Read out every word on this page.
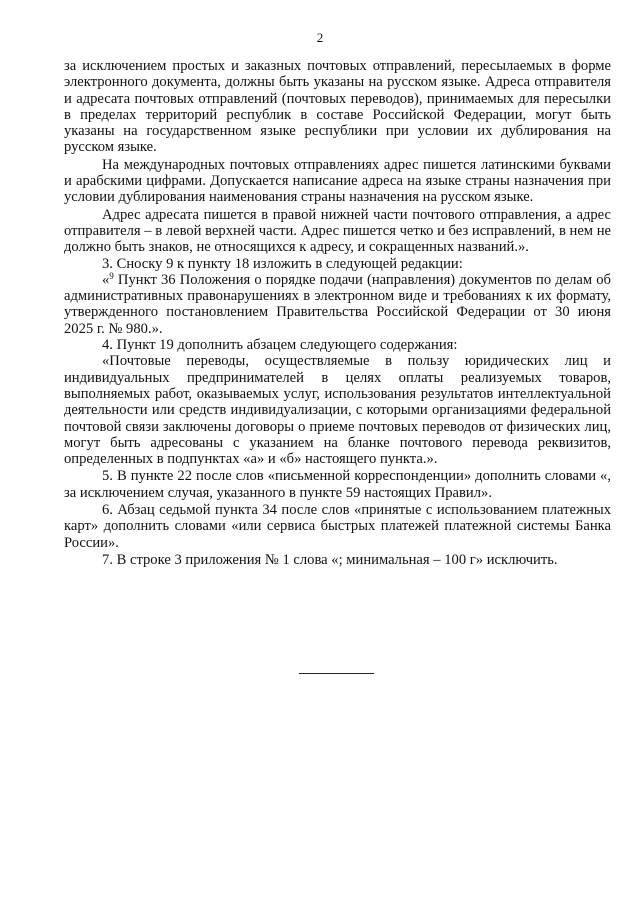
2

за исключением простых и заказных почтовых отправлений, пересылаемых в форме электронного документа, должны быть указаны на русском языке. Адреса отправителя и адресата почтовых отправлений (почтовых переводов), принимаемых для пересылки в пределах территорий республик в составе Российской Федерации, могут быть указаны на государственном языке республики при условии их дублирования на русском языке.

На международных почтовых отправлениях адрес пишется латинскими буквами и арабскими цифрами. Допускается написание адреса на языке страны назначения при условии дублирования наименования страны назначения на русском языке.

Адрес адресата пишется в правой нижней части почтового отправления, а адрес отправителя – в левой верхней части. Адрес пишется четко и без исправлений, в нем не должно быть знаков, не относящихся к адресу, и сокращенных названий.».

3. Сноску 9 к пункту 18 изложить в следующей редакции:

«$^9$ Пункт 36 Положения о порядке подачи (направления) документов по делам об административных правонарушениях в электронном виде и требованиях к их формату, утвержденного постановлением Правительства Российской Федерации от 30 июня 2025 г. № 980.».

4. Пункт 19 дополнить абзацем следующего содержания:

«Почтовые переводы, осуществляемые в пользу юридических лиц и индивидуальных предпринимателей в целях оплаты реализуемых товаров, выполняемых работ, оказываемых услуг, использования результатов интеллектуальной деятельности или средств индивидуализации, с которыми организациями федеральной почтовой связи заключены договоры о приеме почтовых переводов от физических лиц, могут быть адресованы с указанием на бланке почтового перевода реквизитов, определенных в подпунктах «а» и «б» настоящего пункта.».

5. В пункте 22 после слов «письменной корреспонденции» дополнить словами «, за исключением случая, указанного в пункте 59 настоящих Правил».

6. Абзац седьмой пункта 34 после слов «принятые с использованием платежных карт» дополнить словами «или сервиса быстрых платежей платежной системы Банка России».

7. В строке 3 приложения № 1 слова «; минимальная – 100 г» исключить.
